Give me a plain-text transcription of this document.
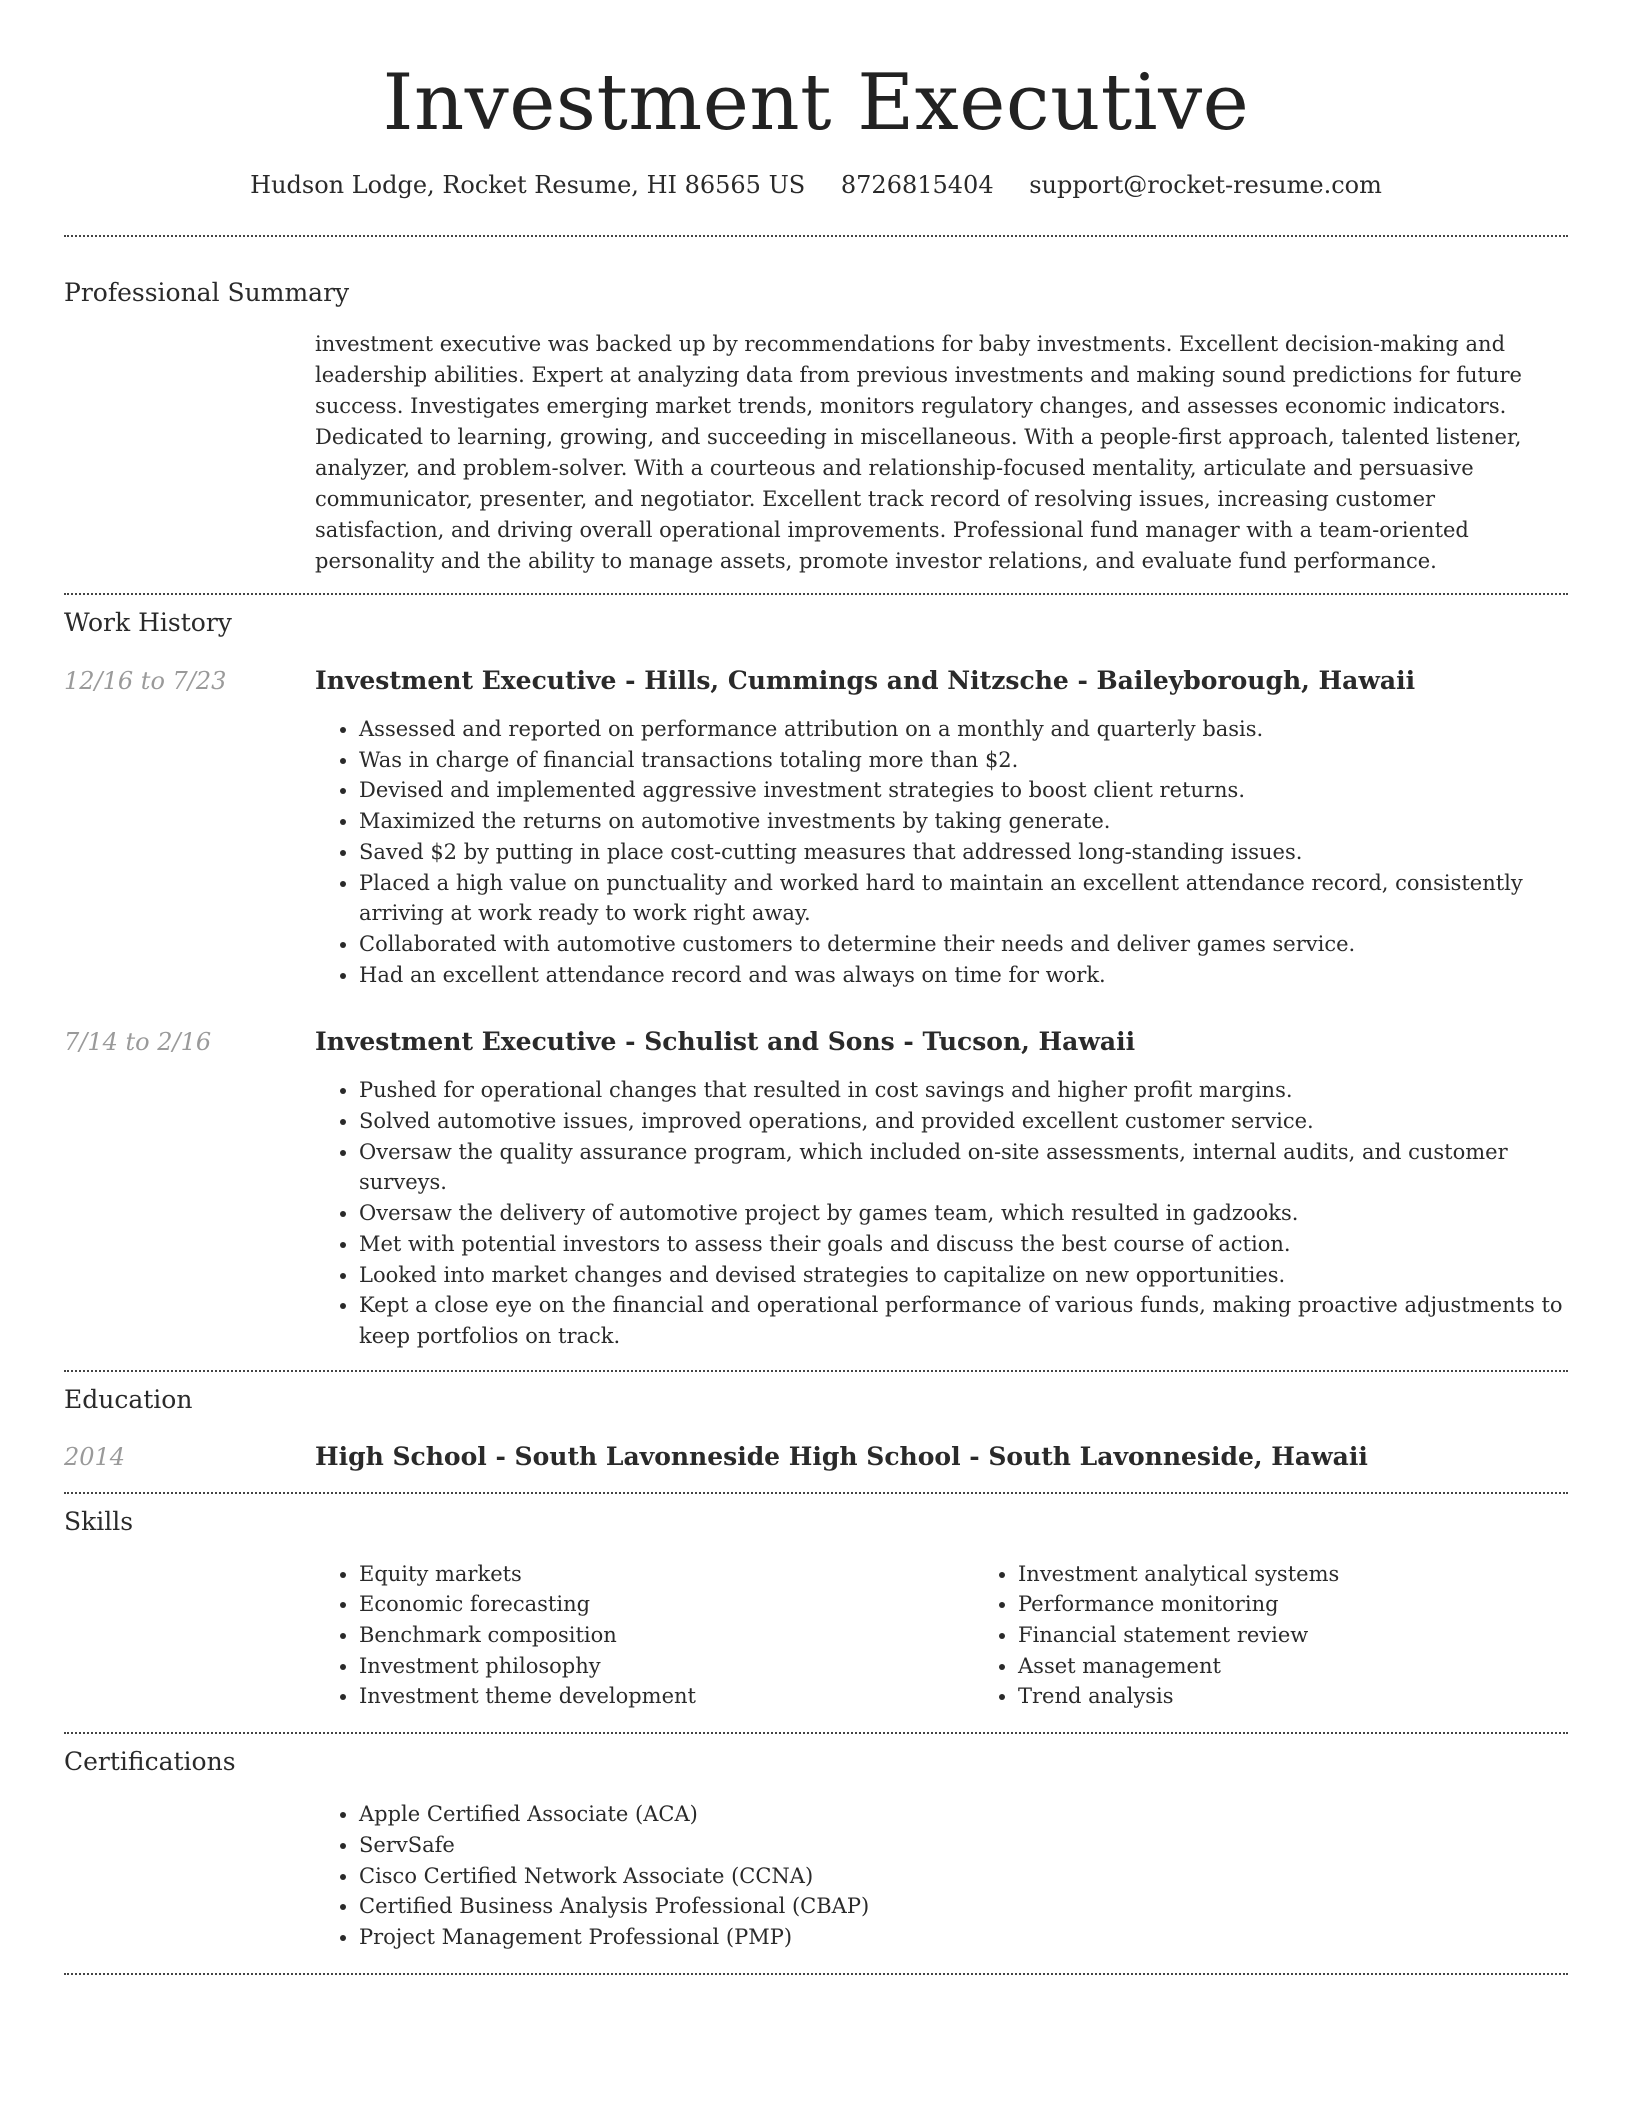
Investment Executive
Hudson Lodge, Rocket Resume, HI 86565 US 8726815404 support@rocket-resume.com
Professional Summary

investment executive was backed up by recommendations for baby investments. Excellent decision-making and leadership abilities. Expert at analyzing data from previous investments and making sound predictions for future success. Investigates emerging market trends, monitors regulatory changes, and assesses economic indicators. Dedicated to learning, growing, and succeeding in miscellaneous. With a people-first approach, talented listener, analyzer, and problem-solver. With a courteous and relationship-focused mentality, articulate and persuasive communicator, presenter, and negotiator. Excellent track record of resolving issues, increasing customer satisfaction, and driving overall operational improvements. Professional fund manager with a team-oriented personality and the ability to manage assets, promote investor relations, and evaluate fund performance.

Work History
12/16 to 7/23	Investment Executive - Hills, Cummings and Nitzsche - Baileyborough, Hawaii
• Assessed and reported on performance attribution on a monthly and quarterly basis.
• Was in charge of financial transactions totaling more than $2.
• Devised and implemented aggressive investment strategies to boost client returns.
• Maximized the returns on automotive investments by taking generate.
• Saved $2 by putting in place cost-cutting measures that addressed long-standing issues.
• Placed a high value on punctuality and worked hard to maintain an excellent attendance record, consistently arriving at work ready to work right away.
• Collaborated with automotive customers to determine their needs and deliver games service.
• Had an excellent attendance record and was always on time for work.
7/14 to 2/16	Investment Executive - Schulist and Sons - Tucson, Hawaii
• Pushed for operational changes that resulted in cost savings and higher profit margins.
• Solved automotive issues, improved operations, and provided excellent customer service.
• Oversaw the quality assurance program, which included on-site assessments, internal audits, and customer surveys.
• Oversaw the delivery of automotive project by games team, which resulted in gadzooks.
• Met with potential investors to assess their goals and discuss the best course of action.
• Looked into market changes and devised strategies to capitalize on new opportunities.
• Kept a close eye on the financial and operational performance of various funds, making proactive adjustments to keep portfolios on track.
Education
2014	High School - South Lavonneside High School - South Lavonneside, Hawaii
Skills
• Equity markets
• Economic forecasting
• Benchmark composition
• Investment philosophy
• Investment theme development
• Investment analytical systems
• Performance monitoring
• Financial statement review
• Asset management
• Trend analysis
Certifications
• Apple Certified Associate (ACA)
• ServSafe
• Cisco Certified Network Associate (CCNA)
• Certified Business Analysis Professional (CBAP)
• Project Management Professional (PMP)
